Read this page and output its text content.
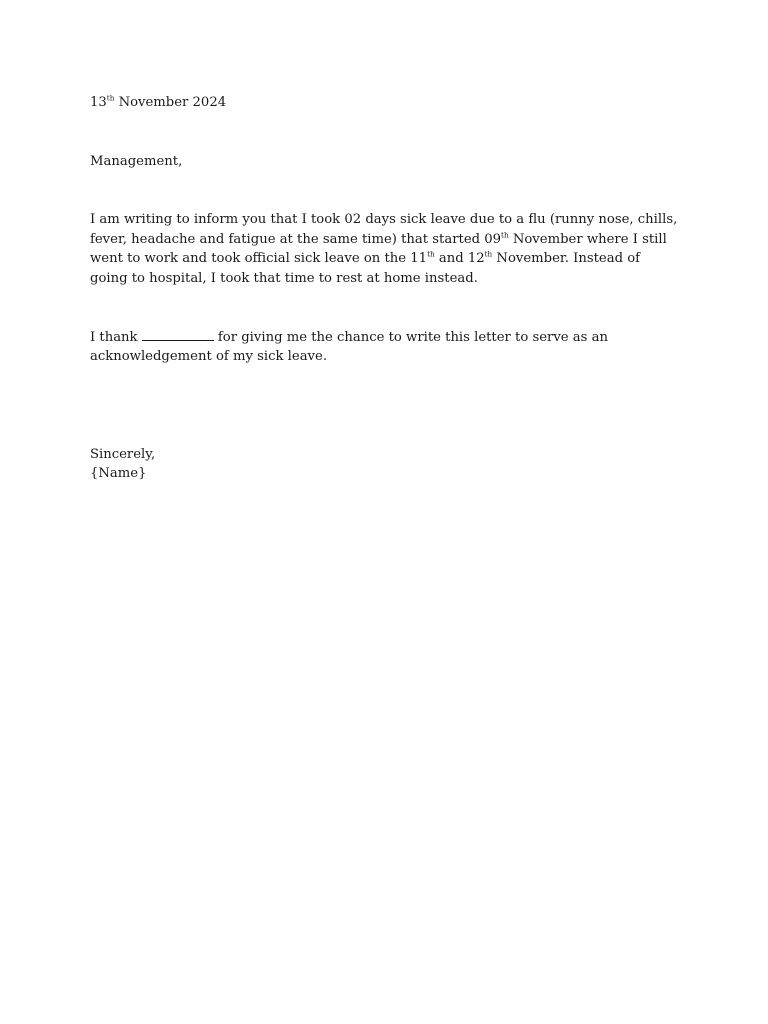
13th November 2024

Management,

I am writing to inform you that I took 02 days sick leave due to a flu (runny nose, chills, fever, headache and fatigue at the same time) that started 09th November where I still went to work and took official sick leave on the 11th and 12th November. Instead of going to hospital, I took that time to rest at home instead.

I thank	for giving me the chance to write this letter to serve as an acknowledgement of my sick leave.

Sincerely,
{Name}
